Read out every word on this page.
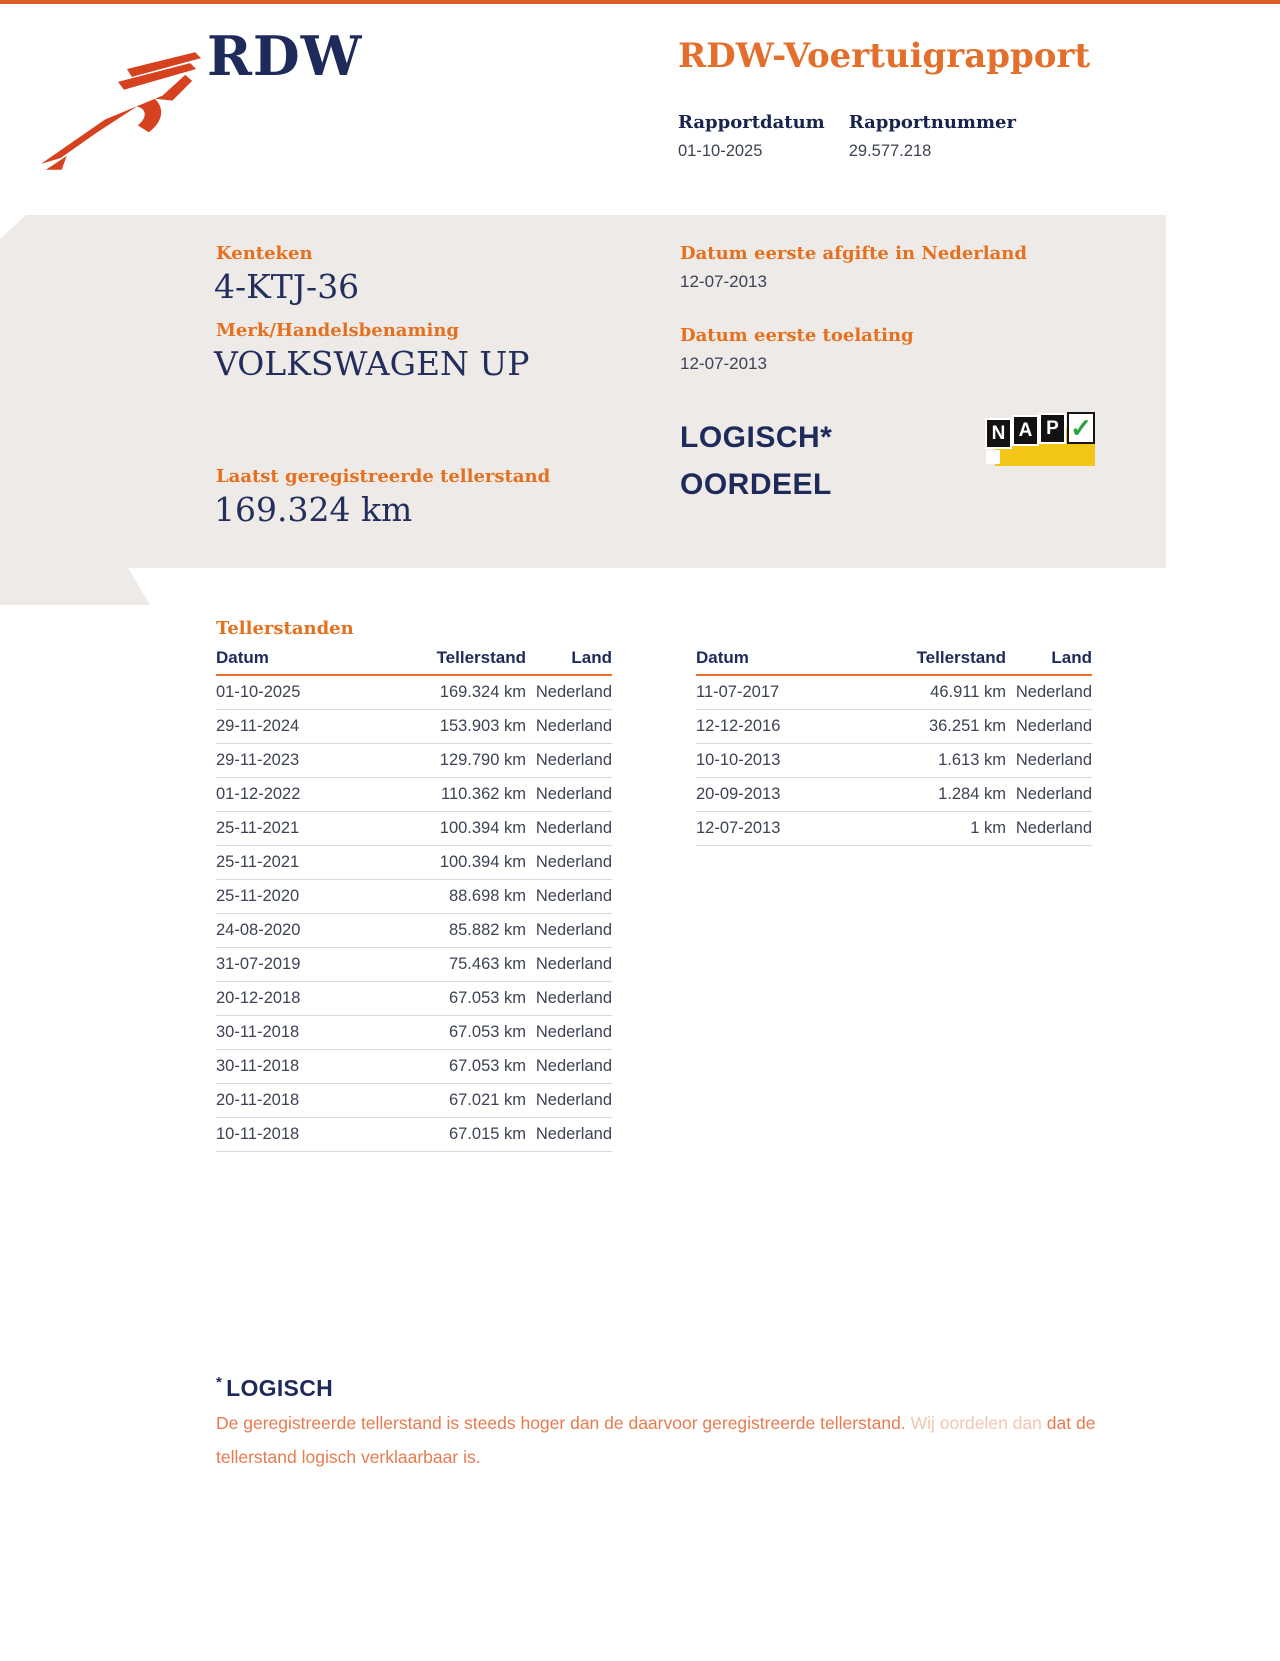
RDW	RDW-Voertuigrapport
Rapportdatum
01-10-2025
Rapportnummer
29.577.218
Kenteken
4-KTJ-36
Merk/Handelsbenaming
VOLKSWAGEN UP
Laatst geregistreerde tellerstand
169.324 km
Datum eerste afgifte in Nederland
12-07-2013
Datum eerste toelating
12-07-2013
LOGISCH*
OORDEEL
N A P ✓
Tellerstanden
Datum	Tellerstand	Land
01-10-2025	169.324 km Nederland
29-11-2024	153.903 km Nederland
29-11-2023	129.790 km Nederland
01-12-2022	110.362 km Nederland
25-11-2021	100.394 km Nederland
25-11-2021	100.394 km Nederland
25-11-2020	88.698 km Nederland
24-08-2020	85.882 km Nederland
31-07-2019	75.463 km Nederland
20-12-2018	67.053 km Nederland
30-11-2018	67.053 km Nederland
30-11-2018	67.053 km Nederland
20-11-2018	67.021 km Nederland
10-11-2018	67.015 km Nederland
Datum	Tellerstand	Land
11-07-2017	46.911 km Nederland
12-12-2016	36.251 km Nederland
10-10-2013	1.613 km Nederland
20-09-2013	1.284 km Nederland
12-07-2013	1 km Nederland
* LOGISCH
De geregistreerde tellerstand is steeds hoger dan de daarvoor geregistreerde tellerstand. Wij oordelen dan dat de tellerstand logisch verklaarbaar is.
